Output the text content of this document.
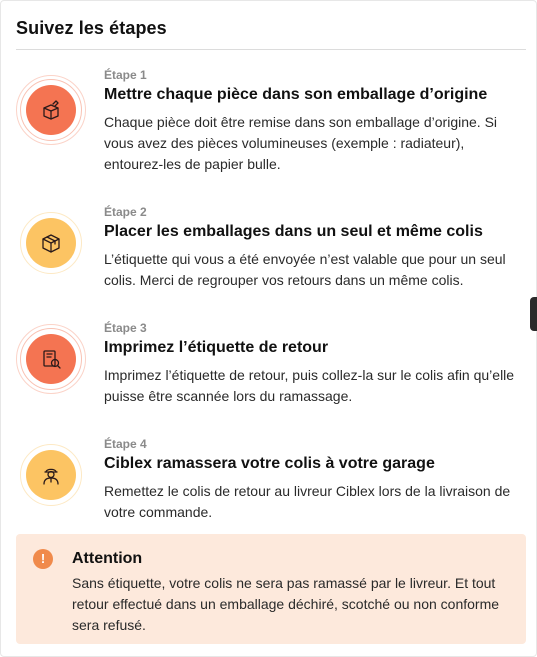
Suivez les étapes
Étape 1
Mettre chaque pièce dans son emballage d’origine
Chaque pièce doit être remise dans son emballage d’origine. Si vous avez des pièces volumineuses (exemple : radiateur), entourez-les de papier bulle.
Étape 2
Placer les emballages dans un seul et même colis
L’étiquette qui vous a été envoyée n’est valable que pour un seul colis. Merci de regrouper vos retours dans un même colis.
Étape 3
Imprimez l’étiquette de retour
Imprimez l’étiquette de retour, puis collez-la sur le colis afin qu’elle puisse être scannée lors du ramassage.
Étape 4
Ciblex ramassera votre colis à votre garage
Remettez le colis de retour au livreur Ciblex lors de la livraison de votre commande.
!	Attention
Sans étiquette, votre colis ne sera pas ramassé par le livreur. Et tout retour effectué dans un emballage déchiré, scotché ou non conforme sera refusé.
